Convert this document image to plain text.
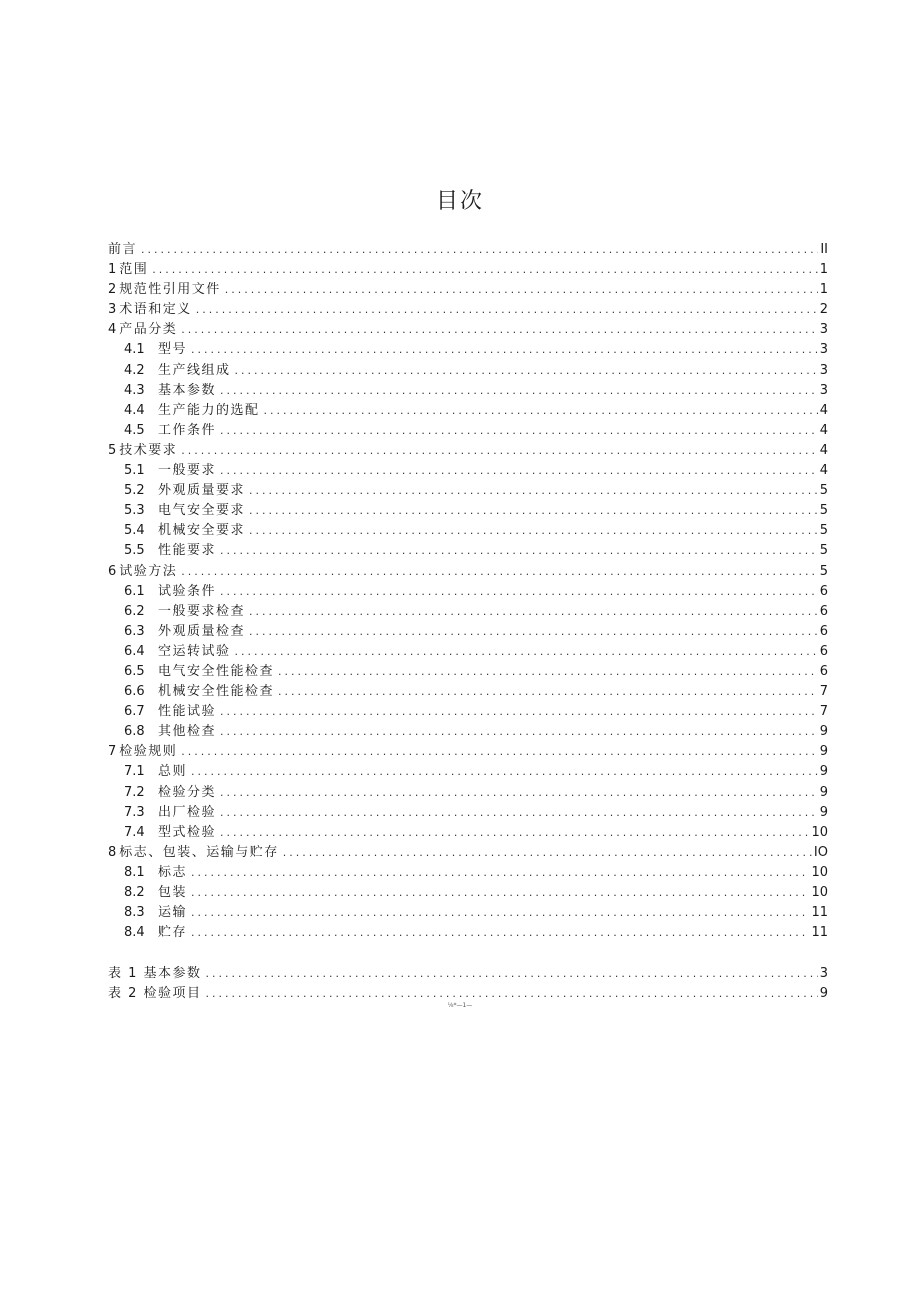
目次
前言 .....	II
1 范围 .....	1
2 规范性引用文件 .....	1
3 术语和定义 .....	2
4 产品分类 .....	3
4.1	型号 .....	3
4.2	生产线组成 .....	3
4.3	基本参数 .....	3
4.4	生产能力的选配 .....	4
4.5	工作条件 .....	4
5 技术要求 .....	4
5.1	一般要求 .....	4
5.2	外观质量要求 .....	5
5.3	电气安全要求 .....	5
5.4	机械安全要求 .....	5
5.5	性能要求 .....	5
6 试验方法 .....	5
6.1	试验条件 .....	6
6.2	一般要求检查 .....	6
6.3	外观质量检查 .....	6
6.4	空运转试验 .....	6
6.5	电气安全性能检查 .....	6
6.6	机械安全性能检查 .....	7
6.7	性能试验 .....	7
6.8	其他检查 .....	9
7 检验规则 .....	9
7.1	总则 .....	9
7.2	检验分类 .....	9
7.3	出厂检验 .....	9
7.4	型式检验 .....	10
8 标志、包装、运输与贮存 .....	IO
8.1	标志 .....	10
8.2	包装 .....	10
8.3	运输 .....	11
8.4	贮存 .....	11
表 1 基本参数 .....	3
表 2 检验项目 .....	9
⅛*—1—
